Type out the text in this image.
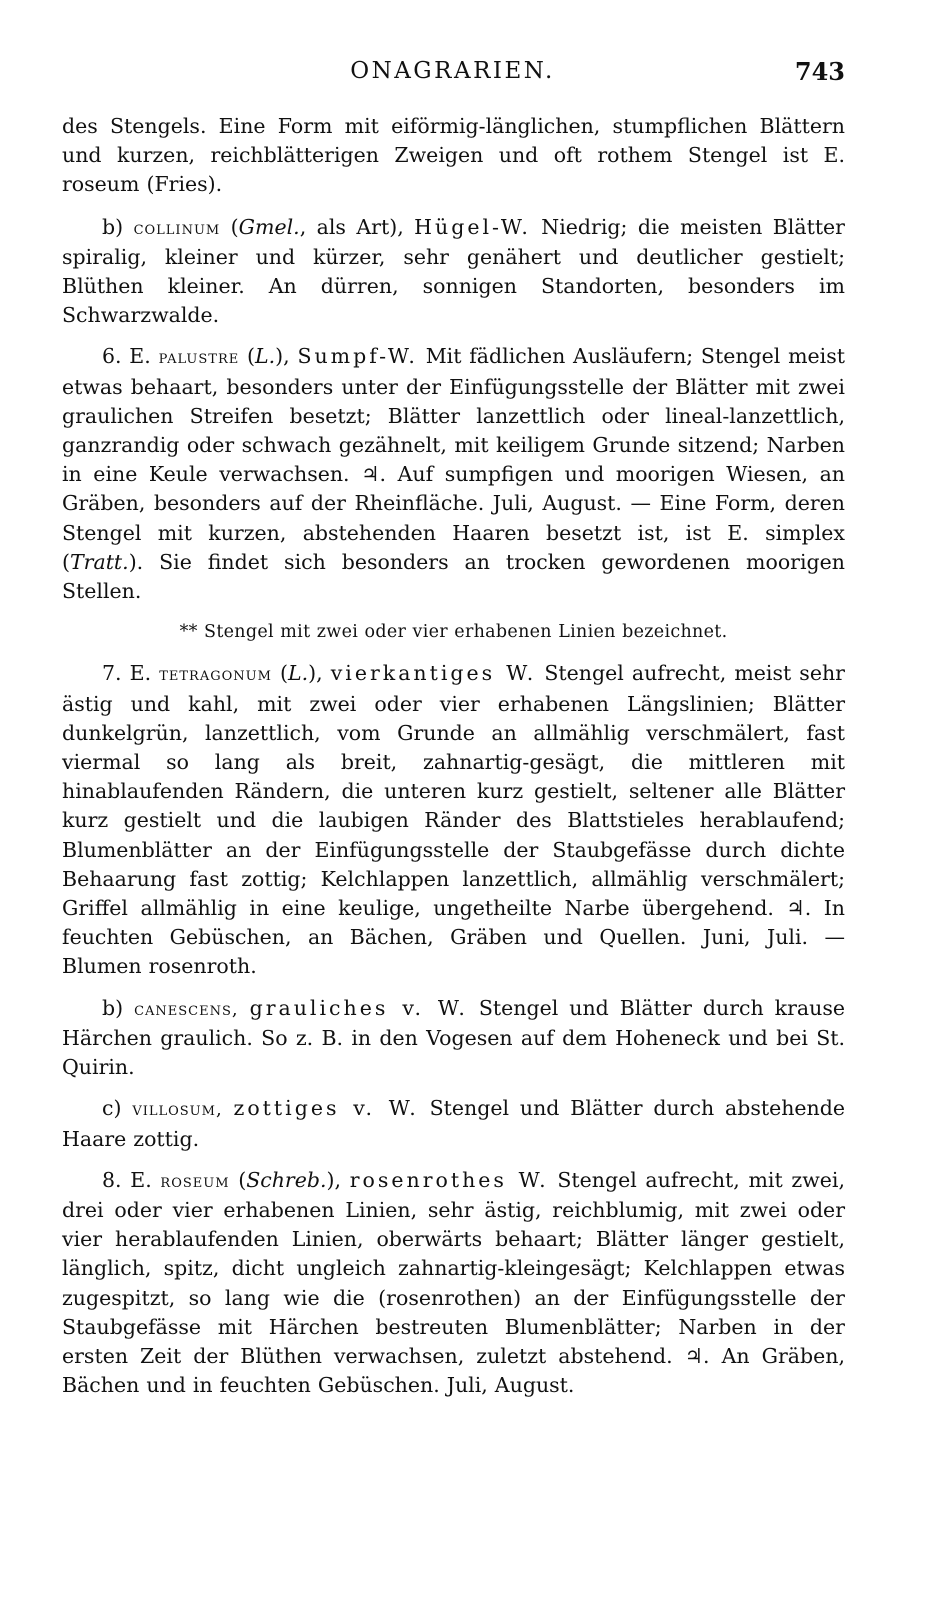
ONAGRARIEN.	743

des Stengels. Eine Form mit eiförmig-länglichen, stumpflichen Blättern und kurzen, reichblätterigen Zweigen und oft rothem Stengel ist E. roseum (Fries).

b) collinum (Gmel., als Art), Hügel-W. Niedrig; die meisten Blätter spiralig, kleiner und kürzer, sehr genähert und deutlicher gestielt; Blüthen kleiner. An dürren, sonnigen Standorten, besonders im Schwarzwalde.

6. E. palustre (L.), Sumpf-W. Mit fädlichen Ausläufern; Stengel meist etwas behaart, besonders unter der Einfügungsstelle der Blätter mit zwei graulichen Streifen besetzt; Blätter lanzettlich oder lineal-lanzettlich, ganzrandig oder schwach gezähnelt, mit keiligem Grunde sitzend; Narben in eine Keule verwachsen. ♃. Auf sumpfigen und moorigen Wiesen, an Gräben, besonders auf der Rheinfläche. Juli, August. — Eine Form, deren Stengel mit kurzen, abstehenden Haaren besetzt ist, ist E. simplex (Tratt.). Sie findet sich besonders an trocken gewordenen moorigen Stellen.

** Stengel mit zwei oder vier erhabenen Linien bezeichnet.

7. E. tetragonum (L.), vierkantiges W. Stengel aufrecht, meist sehr ästig und kahl, mit zwei oder vier erhabenen Längslinien; Blätter dunkelgrün, lanzettlich, vom Grunde an allmählig verschmälert, fast viermal so lang als breit, zahnartig-gesägt, die mittleren mit hinablaufenden Rändern, die unteren kurz gestielt, seltener alle Blätter kurz gestielt und die laubigen Ränder des Blattstieles herablaufend; Blumenblätter an der Einfügungsstelle der Staubgefässe durch dichte Behaarung fast zottig; Kelchlappen lanzettlich, allmählig verschmälert; Griffel allmählig in eine keulige, ungetheilte Narbe übergehend. ♃. In feuchten Gebüschen, an Bächen, Gräben und Quellen. Juni, Juli. — Blumen rosenroth.

b) canescens, grauliches v. W. Stengel und Blätter durch krause Härchen graulich. So z. B. in den Vogesen auf dem Hoheneck und bei St. Quirin.

c) villosum, zottiges v. W. Stengel und Blätter durch abstehende Haare zottig.

8. E. roseum (Schreb.), rosenrothes W. Stengel aufrecht, mit zwei, drei oder vier erhabenen Linien, sehr ästig, reichblumig, mit zwei oder vier herablaufenden Linien, oberwärts behaart; Blätter länger gestielt, länglich, spitz, dicht ungleich zahnartig-kleingesägt; Kelchlappen etwas zugespitzt, so lang wie die (rosenrothen) an der Einfügungsstelle der Staubgefässe mit Härchen bestreuten Blumenblätter; Narben in der ersten Zeit der Blüthen verwachsen, zuletzt abstehend. ♃. An Gräben, Bächen und in feuchten Gebüschen. Juli, August.
